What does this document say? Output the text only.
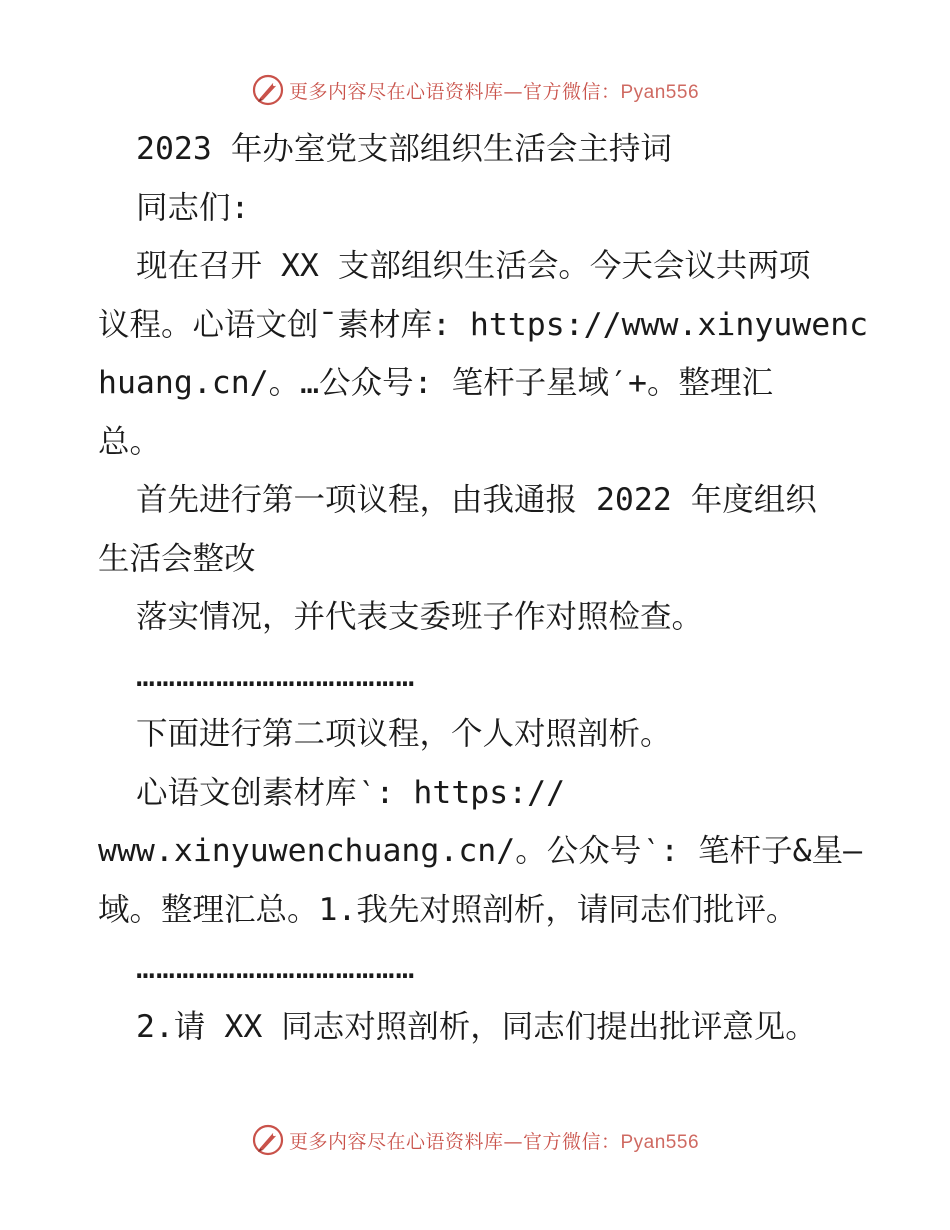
更多内容尽在心语资料库—官方微信：Pyan556
2023 年办室党支部组织生活会主持词
同志们:
现在召开 XX 支部组织生活会。今天会议共两项
议程。心语文创¯素材库: https://www.xinyuwenc
huang.cn/。…公众号: 笔杆子星域′+。整理汇
总。
首先进行第一项议程，由我通报 2022 年度组织
生活会整改
落实情况，并代表支委班子作对照检查。
……………………………………
下面进行第二项议程，个人对照剖析。
心语文创素材库‵: https://
www.xinyuwenchuang.cn/。公众号‵: 笔杆子&星—
域。整理汇总。1.我先对照剖析，请同志们批评。
……………………………………
2.请 XX 同志对照剖析，同志们提出批评意见。
更多内容尽在心语资料库—官方微信：Pyan556
